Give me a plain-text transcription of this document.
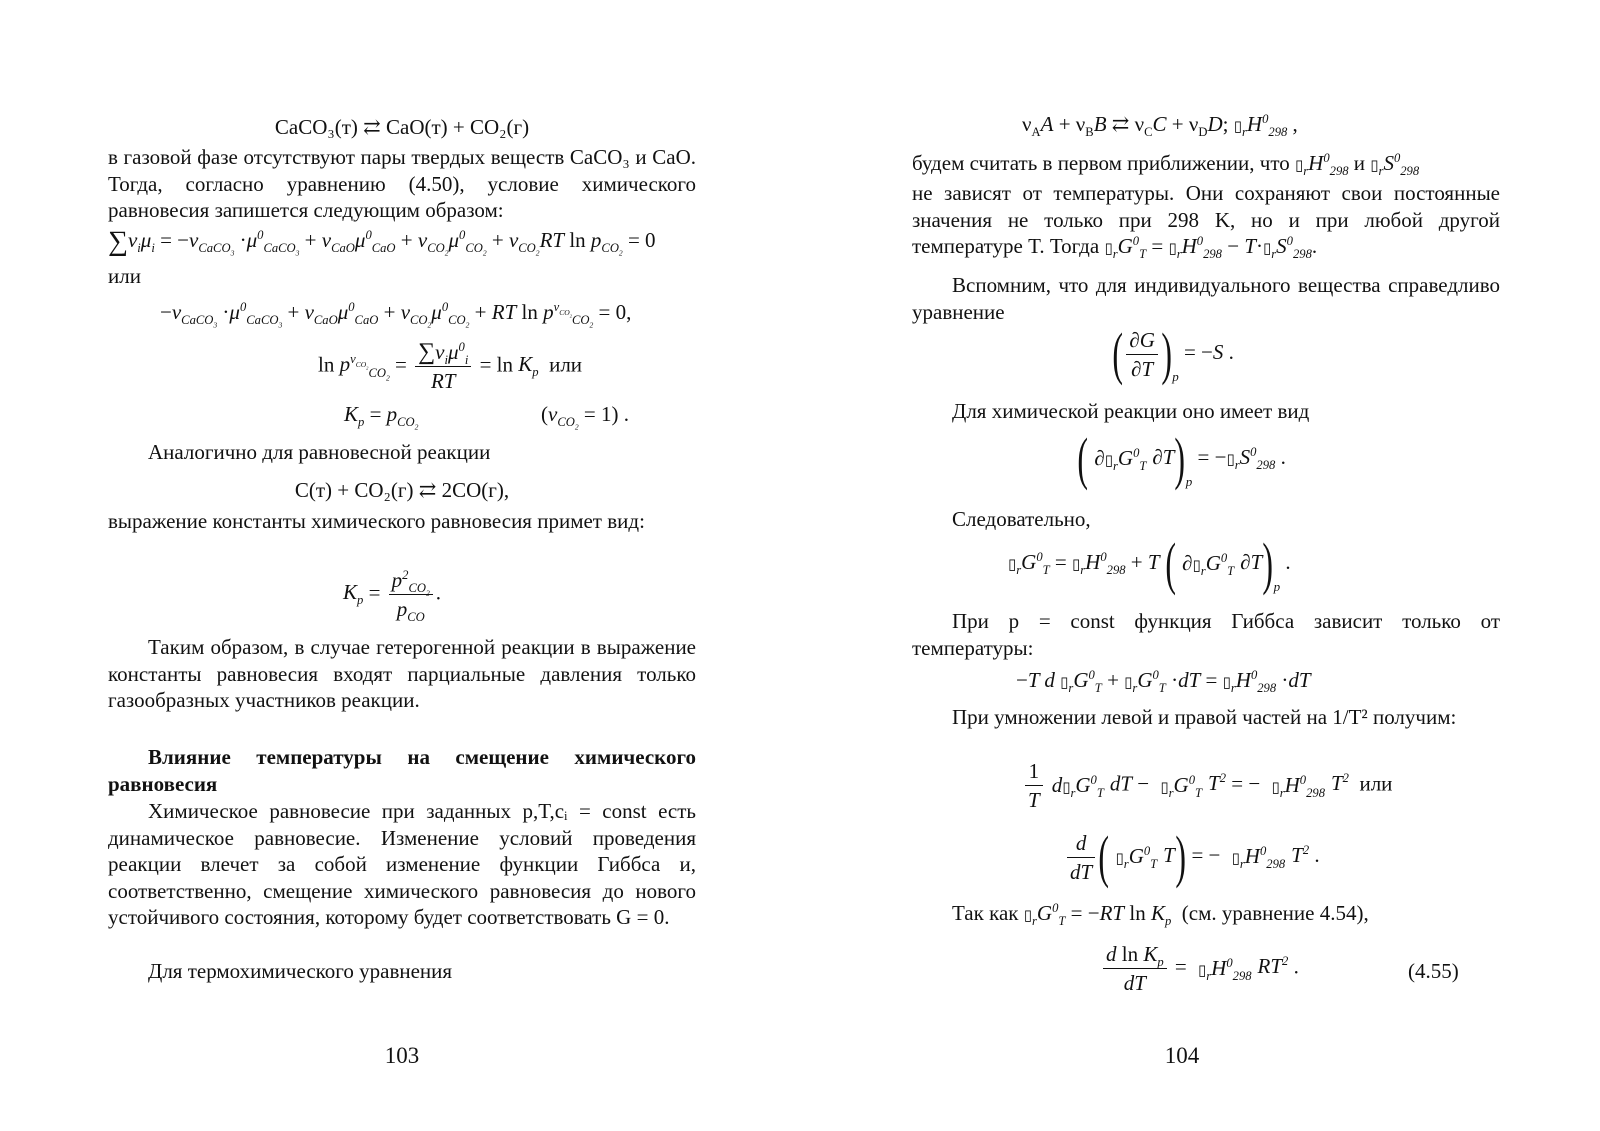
CaCO₃(т) ⇄ CaO(т) + CO₂(г)
в газовой фазе отсутствуют пары твердых веществ CaCO₃ и CaO. Тогда, согласно уравнению (4.50), условие химического равновесия запишется следующим образом:
$\sum\nu_i\mu_i = -\nu_{CaCO_3} \cdot\mu^0_{CaCO_3} + \nu_{CaO}\mu^0_{CaO} + \nu_{CO_2}\mu^0_{CO_2} + \nu_{CO_2}RT$ $\ln p_{CO_2} = 0$
или
$-\nu_{CaCO_3} \cdot\mu^0_{CaCO_3} + \nu_{CaO}\mu^0_{CaO} + \nu_{CO_2}\mu^0_{CO_2}$ + RT $\ln p^{\nu_{CO_2}}_{CO_2} = 0$,
$\ln p^{\nu_{CO_2}}_{CO_2} = \frac{\sum\nu_i\mu^0_i}{RT} = \ln K_p$ или
$K_p = p_{CO_2}$
$(\nu_{CO_2} = 1)$ .
Аналогично для равновесной реакции
C(т) + CO₂(г) ⇄ 2CO(г),
выражение константы химического равновесия примет вид:
$K_p = \frac{p^2_{CO_2}}{p_{CO}}$ .
Таким образом, в случае гетерогенной реакции в выражение константы равновесия входят парциальные давления только газообразных участников реакции.
Влияние температуры на смещение химического равновесия
Химическое равновесие при заданных p,T,cᵢ = const есть динамическое равновесие. Изменение условий проведения реакции влечет за собой изменение функции Гиббса и, соответственно, смещение химического равновесия до нового устойчивого состояния, которому будет соответствовать G = 0.
Для термохимического уравнения
103
$\nu_AA + \nu_BB$ ⇄ $\nu_CC + \nu_DD$; $▯_rH^0_{298}$ ,
будем считать в первом приближении, что $▯_rH^0_{298}$ и $▯_rS^0_{298}$
не зависят от температуры. Они сохраняют свои постоянные значения не только при 298 K, но и при любой другой температуре T. Тогда $▯_rG^0_T$ = $▯_rH^0_{298}$ − $T\cdot▯_rS^0_{298}$.
Вспомним, что для индивидуального вещества справедливо уравнение
( $\frac{\partial G}{\partial T} )_p = -S$ .
Для химической реакции оно имеет вид
( $\partial▯_rG^0_T$ $\partial T)_p$ = $-▯_rS^0_{298}$ .
Следовательно,
$▯_rG^0_T$ = $▯_rH^0_{298} + T$ ( $\partial▯_rG^0_T$ $\partial T)_p$ .
При p = const функция Гиббса зависит только от температуры:
−T d $▯_rG^0_T$ + $▯_rG^0_T \cdot dT$ = $▯_rH^0_{298} \cdot dT$
При умножении левой и правой частей на 1/T² получим:
$\frac{1}{T}$ $d▯_rG^0_T$ dT − $▯_rG^0_T$ $T^2$ = − $▯_rH^0_{298}$ $T^2$ или
$\frac{d}{dT}$ ( $▯_rG^0_T$ T) = − $▯_rH^0_{298}$ $T^2$ .
Так как $▯_rG^0_T = -RT$ $\ln K_p$ (см. уравнение 4.54),
$\frac{d \ln K_p}{dT}$ = $▯_rH^0_{298}$ $RT^2$ .	(4.55)
104
